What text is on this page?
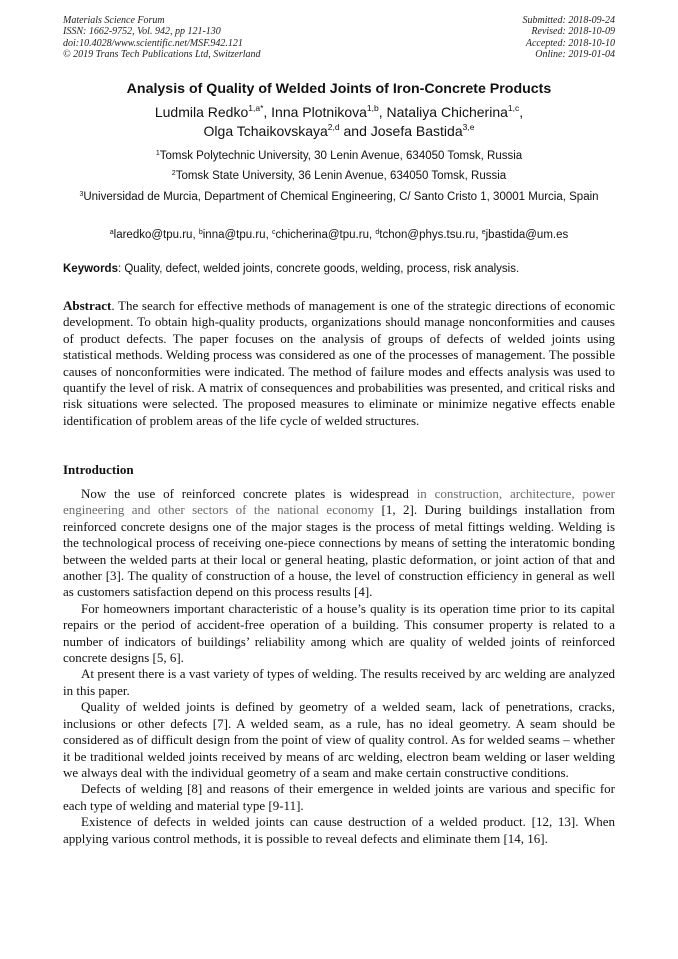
Materials Science Forum
ISSN: 1662-9752, Vol. 942, pp 121-130
doi:10.4028/www.scientific.net/MSF.942.121
© 2019 Trans Tech Publications Ltd, Switzerland
Submitted: 2018-09-24
Revised: 2018-10-09
Accepted: 2018-10-10
Online: 2019-01-04
Analysis of Quality of Welded Joints of Iron-Concrete Products
Ludmila Redko$^{1,a*}$, Inna Plotnikova$^{1,b}$, Nataliya Chicherina$^{1,c}$,
Olga Tchaikovskaya$^{2,d}$ and Josefa Bastida$^{3,e}$
$^1$Tomsk Polytechnic University, 30 Lenin Avenue, 634050 Tomsk, Russia
$^2$Tomsk State University, 36 Lenin Avenue, 634050 Tomsk, Russia
$^3$Universidad de Murcia, Department of Chemical Engineering, C/ Santo Cristo 1, 30001 Murcia, Spain
$^a$laredko@tpu.ru, $^b$inna@tpu.ru, $^c$chicherina@tpu.ru, $^d$tchon@phys.tsu.ru, $^e$jbastida@um.es
Keywords: Quality, defect, welded joints, concrete goods, welding, process, risk analysis.

Abstract. The search for effective methods of management is one of the strategic directions of economic development. To obtain high-quality products, organizations should manage nonconformities and causes of product defects. The paper focuses on the analysis of groups of defects of welded joints using statistical methods. Welding process was considered as one of the processes of management. The possible causes of nonconformities were indicated. The method of failure modes and effects analysis was used to quantify the level of risk. A matrix of consequences and probabilities was presented, and critical risks and risk situations were selected. The proposed measures to eliminate or minimize negative effects enable identification of problem areas of the life cycle of welded structures.

Introduction

Now the use of reinforced concrete plates is widespread in construction, architecture, power engineering and other sectors of the national economy [1, 2]. During buildings installation from reinforced concrete designs one of the major stages is the process of metal fittings welding. Welding is the technological process of receiving one-piece connections by means of setting the interatomic bonding between the welded parts at their local or general heating, plastic deformation, or joint action of that and another [3]. The quality of construction of a house, the level of construction efficiency in general as well as customers satisfaction depend on this process results [4].

For homeowners important characteristic of a house’s quality is its operation time prior to its capital repairs or the period of accident-free operation of a building. This consumer property is related to a number of indicators of buildings’ reliability among which are quality of welded joints of reinforced concrete designs [5, 6].

At present there is a vast variety of types of welding. The results received by arc welding are analyzed in this paper.

Quality of welded joints is defined by geometry of a welded seam, lack of penetrations, cracks, inclusions or other defects [7]. A welded seam, as a rule, has no ideal geometry. A seam should be considered as of difficult design from the point of view of quality control. As for welded seams – whether it be traditional welded joints received by means of arc welding, electron beam welding or laser welding we always deal with the individual geometry of a seam and make certain constructive conditions.

Defects of welding [8] and reasons of their emergence in welded joints are various and specific for each type of welding and material type [9-11].

Existence of defects in welded joints can cause destruction of a welded product. [12, 13]. When applying various control methods, it is possible to reveal defects and eliminate them [14, 16].
